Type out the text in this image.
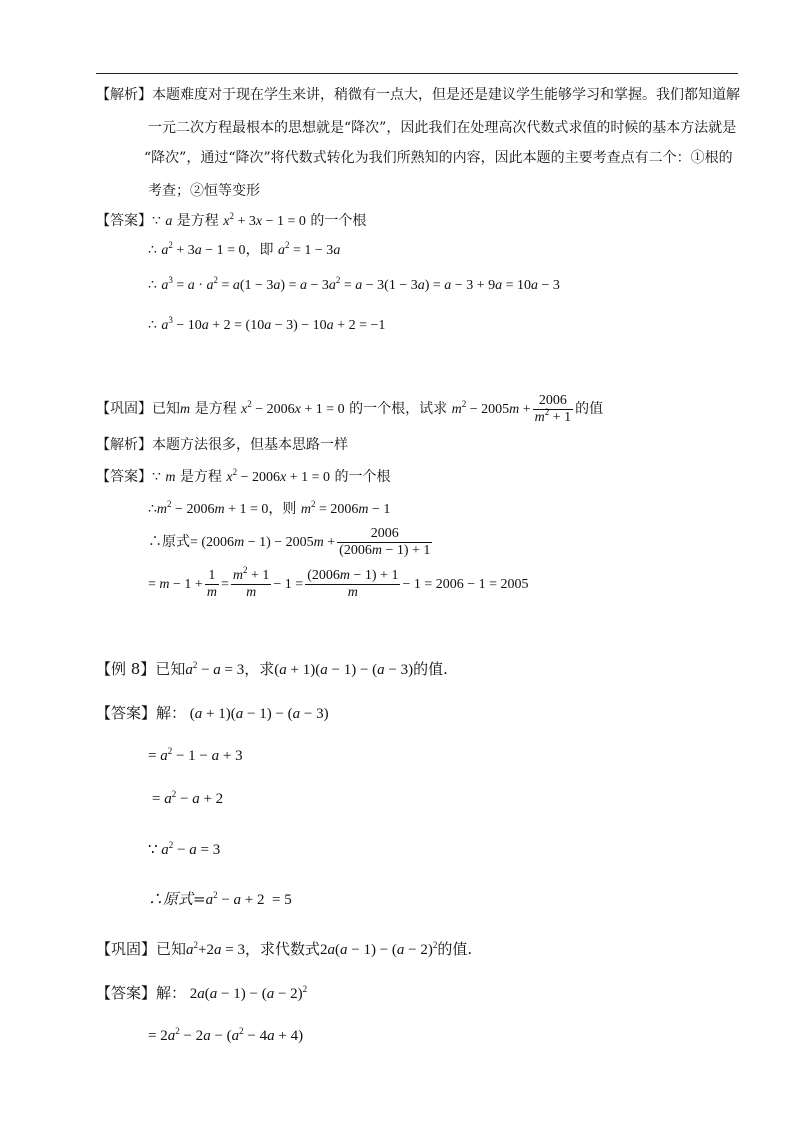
【解析】本题难度对于现在学生来讲，稍微有一点大，但是还是建议学生能够学习和掌握。我们都知道解
一元二次方程最根本的思想就是“降次”，因此我们在处理高次代数式求值的时候的基本方法就是
“降次”，通过“降次”将代数式转化为我们所熟知的内容，因此本题的主要考查点有二个：①根的
考查；②恒等变形
【答案】∵ a 是方程 $x^2 + 3x - 1 = 0$ 的一个根
∴ $a^2 + 3a - 1 = 0$，即 $a^2 = 1 - 3a$
∴ $a^3 = a \cdot a^2 = a(1 - 3a) = a - 3a^2 = a - 3(1 - 3a) = a - 3 + 9a = 10a - 3$
∴ $a^3 - 10a + 2 = (10a - 3) - 10a + 2 = -1$
【巩固】已知m 是方程 $x^2 - 2006x + 1 = 0$ 的一个根，试求 $m^2 - 2005m + \frac{2006}{m^2 + 1}$ 的值
【解析】本题方法很多，但基本思路一样
【答案】∵ m 是方程 $x^2 - 2006x + 1 = 0$ 的一个根
$\therefore m^2 - 2006m + 1 = 0$，则 $m^2 = 2006m - 1$
∴原式= $(2006m - 1) - 2005m + \frac{2006}{(2006m - 1) + 1}$
= $m - 1 + \frac{1}{m} = \frac{m^2 + 1}{m} - 1 = \frac{(2006m - 1) + 1}{m} - 1 = 2006 - 1 = 2005$
【例 8】已知$a^2 - a = 3$，求(a + 1)(a − 1) − (a − 3)的值.
【答案】解： (a + 1)(a − 1) − (a − 3)
= $a^2 - 1 - a + 3$
= $a^2 - a + 2$
∵ $a^2 - a = 3$
∴原式$=a^2 - a + 2 = 5$
【巩固】已知$a^2+2a = 3$，求代数式$2a(a - 1) - (a - 2)^2$的值.
【答案】解： $2a(a - 1) - (a - 2)^2$
= $2a^2 - 2a - (a^2 - 4a + 4)$
